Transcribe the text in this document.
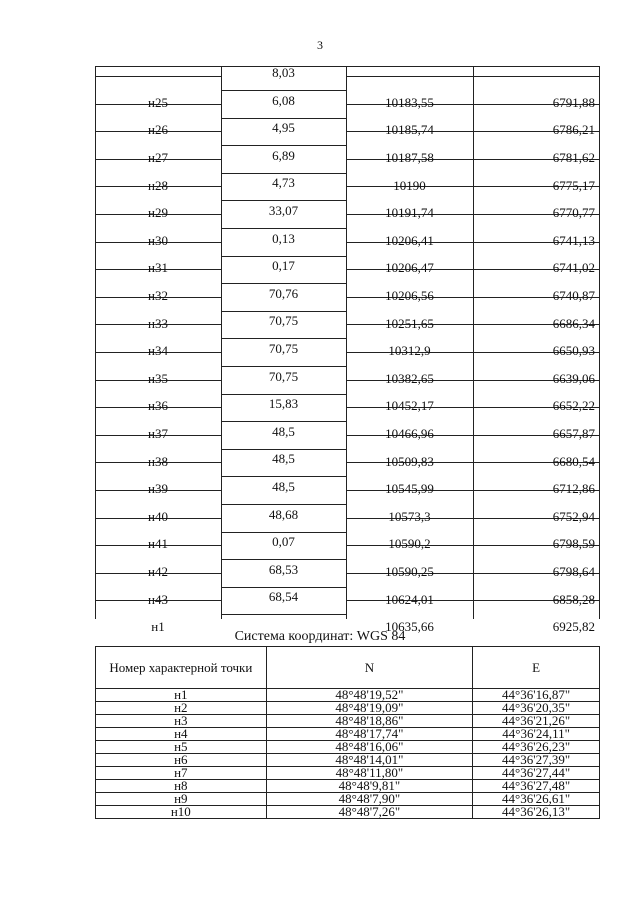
3
8,03
н25	6,08	10183,55	6791,88
н26	4,95	10185,74	6786,21
н27	6,89	10187,58	6781,62
н28	4,73	10190	6775,17
н29	33,07	10191,74	6770,77
н30	0,13	10206,41	6741,13
н31	0,17	10206,47	6741,02
н32	70,76	10206,56	6740,87
н33	70,75	10251,65	6686,34
н34	70,75	10312,9	6650,93
н35	70,75	10382,65	6639,06
н36	15,83	10452,17	6652,22
н37	48,5	10466,96	6657,87
н38	48,5	10509,83	6680,54
н39	48,5	10545,99	6712,86
н40	48,68	10573,3	6752,94
н41	0,07	10590,2	6798,59
н42	68,53	10590,25	6798,64
н43	68,54	10624,01	6858,28
н1	10635,66	6925,82
Система координат: WGS 84
Номер характерной точки	N	E
н1	48°48'19,52"	44°36'16,87"
н2	48°48'19,09"	44°36'20,35"
н3	48°48'18,86"	44°36'21,26"
н4	48°48'17,74"	44°36'24,11"
н5	48°48'16,06"	44°36'26,23"
н6	48°48'14,01"	44°36'27,39"
н7	48°48'11,80"	44°36'27,44"
н8	48°48'9,81"	44°36'27,48"
н9	48°48'7,90"	44°36'26,61"
н10	48°48'7,26"	44°36'26,13"
